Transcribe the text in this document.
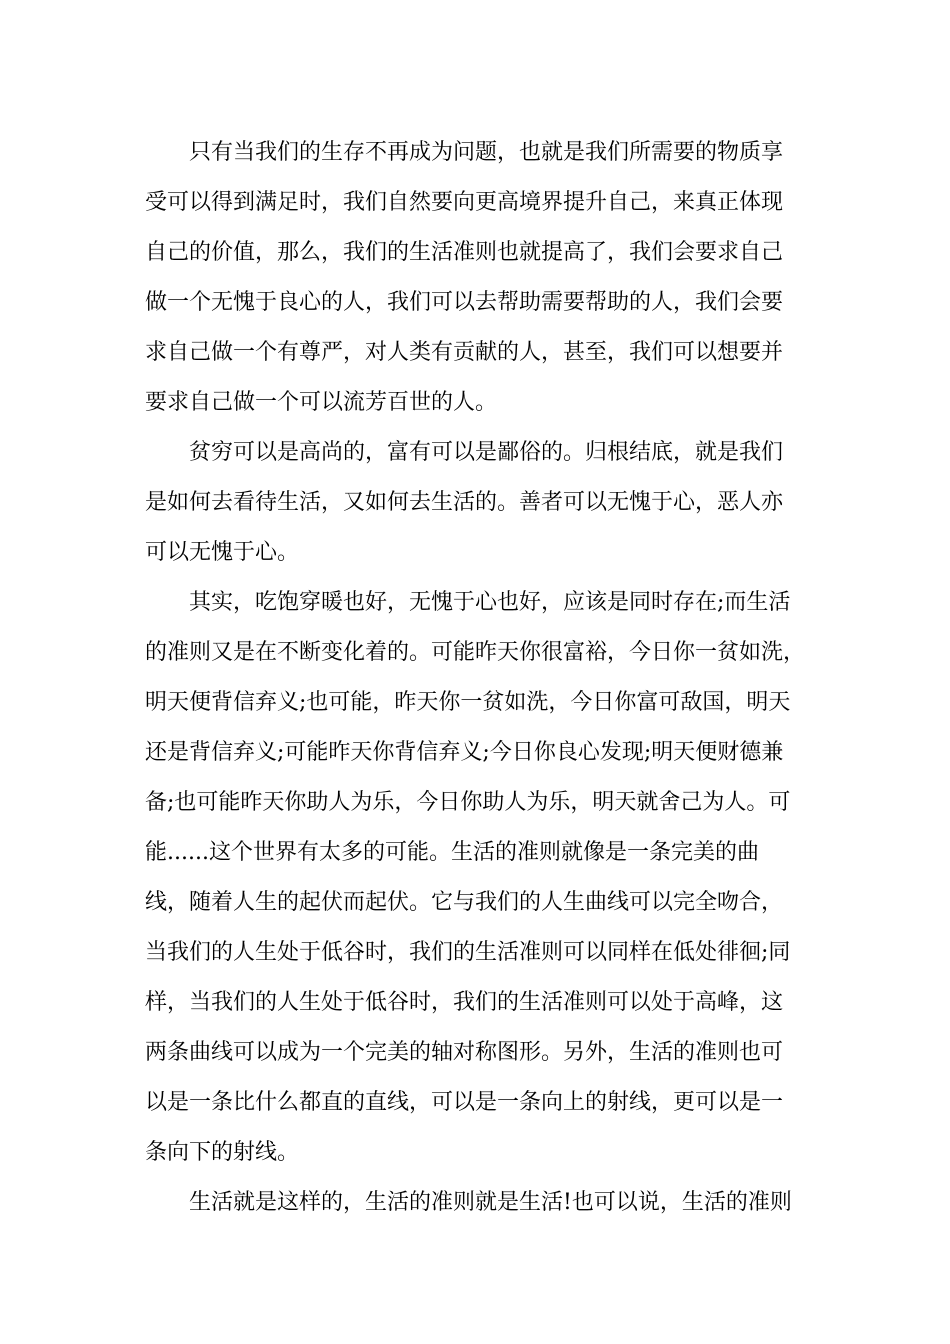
只有当我们的生存不再成为问题，也就是我们所需要的物质享
受可以得到满足时，我们自然要向更高境界提升自己，来真正体现
自己的价值，那么，我们的生活准则也就提高了，我们会要求自己
做一个无愧于良心的人，我们可以去帮助需要帮助的人，我们会要
求自己做一个有尊严，对人类有贡献的人，甚至，我们可以想要并
要求自己做一个可以流芳百世的人。
贫穷可以是高尚的，富有可以是鄙俗的。归根结底，就是我们
是如何去看待生活，又如何去生活的。善者可以无愧于心，恶人亦
可以无愧于心。
其实，吃饱穿暖也好，无愧于心也好，应该是同时存在;而生活
的准则又是在不断变化着的。可能昨天你很富裕，今日你一贫如洗，
明天便背信弃义;也可能，昨天你一贫如洗，今日你富可敌国，明天
还是背信弃义;可能昨天你背信弃义;今日你良心发现;明天便财德兼
备;也可能昨天你助人为乐，今日你助人为乐，明天就舍己为人。可
能......这个世界有太多的可能。生活的准则就像是一条完美的曲
线，随着人生的起伏而起伏。它与我们的人生曲线可以完全吻合，
当我们的人生处于低谷时，我们的生活准则可以同样在低处徘徊;同
样，当我们的人生处于低谷时，我们的生活准则可以处于高峰，这
两条曲线可以成为一个完美的轴对称图形。另外，生活的准则也可
以是一条比什么都直的直线，可以是一条向上的射线，更可以是一
条向下的射线。
生活就是这样的，生活的准则就是生活!也可以说，生活的准则
